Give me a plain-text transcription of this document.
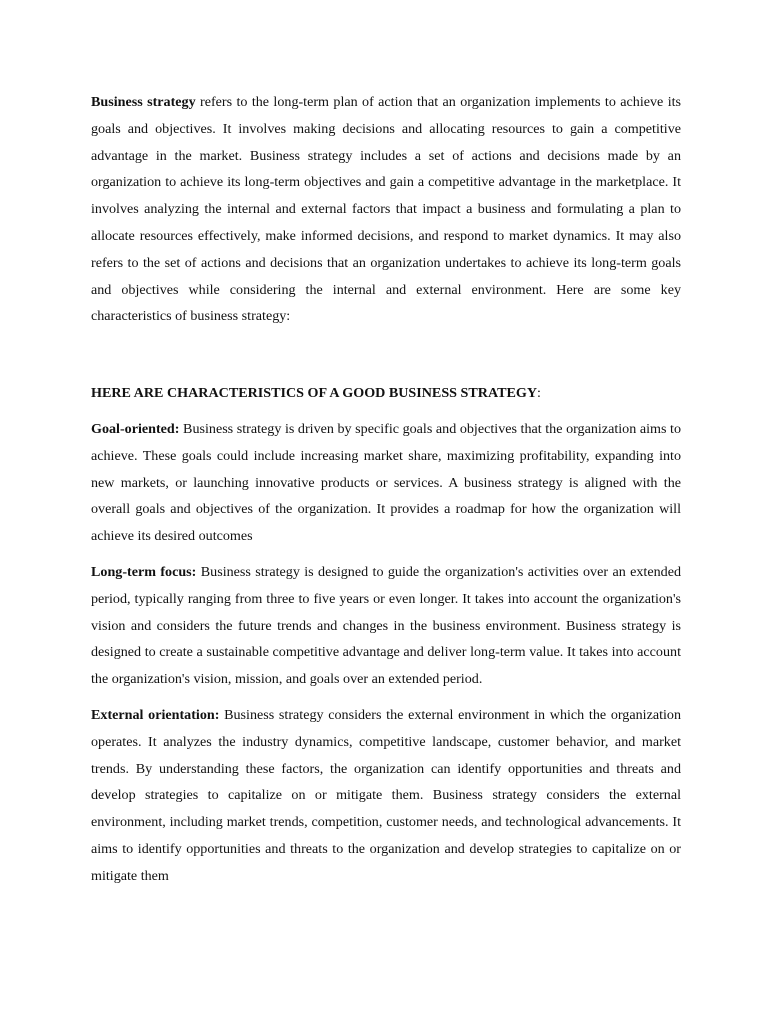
Business strategy refers to the long-term plan of action that an organization implements to achieve its goals and objectives. It involves making decisions and allocating resources to gain a competitive advantage in the market. Business strategy includes a set of actions and decisions made by an organization to achieve its long-term objectives and gain a competitive advantage in the marketplace. It involves analyzing the internal and external factors that impact a business and formulating a plan to allocate resources effectively, make informed decisions, and respond to market dynamics. It may also refers to the set of actions and decisions that an organization undertakes to achieve its long-term goals and objectives while considering the internal and external environment. Here are some key characteristics of business strategy:

HERE ARE CHARACTERISTICS OF A GOOD BUSINESS STRATEGY:

Goal-oriented: Business strategy is driven by specific goals and objectives that the organization aims to achieve. These goals could include increasing market share, maximizing profitability, expanding into new markets, or launching innovative products or services. A business strategy is aligned with the overall goals and objectives of the organization. It provides a roadmap for how the organization will achieve its desired outcomes

Long-term focus: Business strategy is designed to guide the organization's activities over an extended period, typically ranging from three to five years or even longer. It takes into account the organization's vision and considers the future trends and changes in the business environment. Business strategy is designed to create a sustainable competitive advantage and deliver long-term value. It takes into account the organization's vision, mission, and goals over an extended period.

External orientation: Business strategy considers the external environment in which the organization operates. It analyzes the industry dynamics, competitive landscape, customer behavior, and market trends. By understanding these factors, the organization can identify opportunities and threats and develop strategies to capitalize on or mitigate them. Business strategy considers the external environment, including market trends, competition, customer needs, and technological advancements. It aims to identify opportunities and threats to the organization and develop strategies to capitalize on or mitigate them
